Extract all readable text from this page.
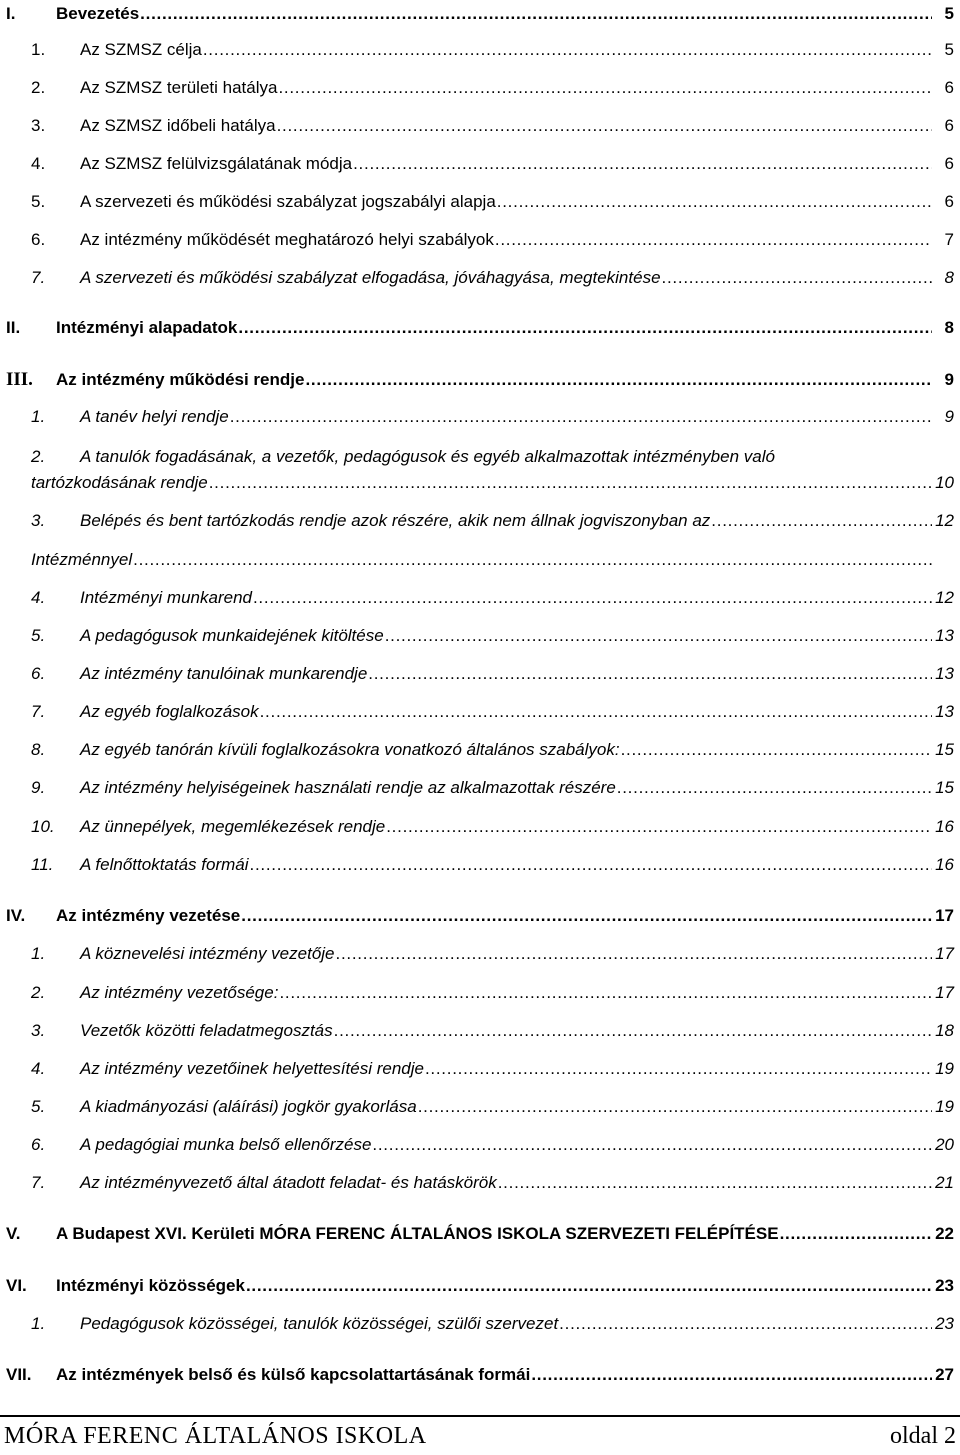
I.	Bevezetés . . .	5
1.	Az SZMSZ célja . . .	5
2.	Az SZMSZ területi hatálya . . .	6
3.	Az SZMSZ időbeli hatálya . . .	6
4.	Az SZMSZ felülvizsgálatának módja . . .	6
5.	A szervezeti és működési szabályzat jogszabályi alapja . . .	6
6.	Az intézmény működését meghatározó helyi szabályok . . .	7
7.	A szervezeti és működési szabályzat elfogadása, jóváhagyása, megtekintése . . .	8
II.	Intézményi alapadatok . . .	8
III.	Az intézmény működési rendje . . .	9
1.	A tanév helyi rendje . . .	9
2.	A tanulók fogadásának, a vezetők, pedagógusok és egyéb alkalmazottak intézményben való
tartózkodásának rendje . . .	10
3.	Belépés és bent tartózkodás rendje azok részére, akik nem állnak jogviszonyban az . . .	12
Intézménnyel
. . .
4.	Intézményi munkarend . . .	12
5.	A pedagógusok munkaidejének kitöltése . . .	13
6.	Az intézmény tanulóinak munkarendje . . .	13
7.	Az egyéb foglalkozások . . .	13
8.	Az egyéb tanórán kívüli foglalkozásokra vonatkozó általános szabályok: . . .	15
9.	Az intézmény helyiségeinek használati rendje az alkalmazottak részére . . .	15
10.	Az ünnepélyek, megemlékezések rendje . . .	16
11.	A felnőttoktatás formái . . .	16
IV.	Az intézmény vezetése . . .	17
1.	A köznevelési intézmény vezetője . . .	17
2.	Az intézmény vezetősége: . . .	17
3.	Vezetők közötti feladatmegosztás . . .	18
4.	Az intézmény vezetőinek helyettesítési rendje . . .	19
5.	A kiadmányozási (aláírási) jogkör gyakorlása . . .	19
6.	A pedagógiai munka belső ellenőrzése . . .	20
7.	Az intézményvezető által átadott feladat- és hatáskörök . . .	21
V.	A Budapest XVI. Kerületi MÓRA FERENC ÁLTALÁNOS ISKOLA SZERVEZETI FELÉPÍTÉSE . . .	22
VI.	Intézményi közösségek . . .	23
1.	Pedagógusok közösségei, tanulók közösségei, szülői szervezet . . .	23
VII.	Az intézmények belső és külső kapcsolattartásának formái . . .	27
MÓRA FERENC ÁLTALÁNOS ISKOLA	oldal 2
